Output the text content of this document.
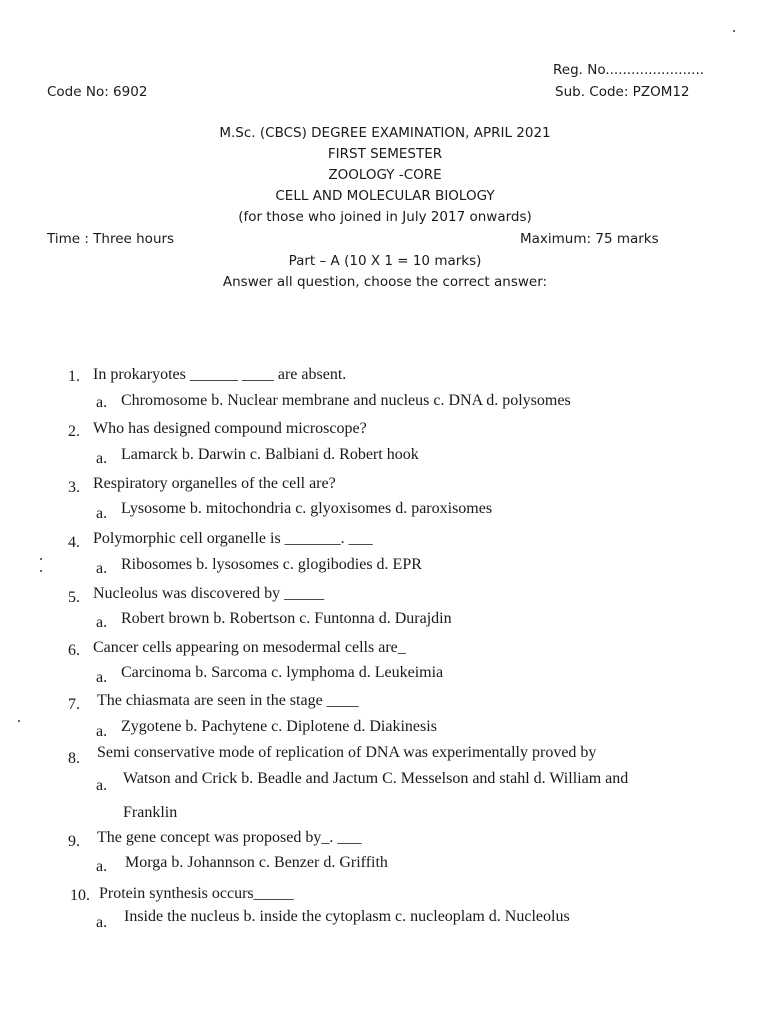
Reg. No.......................
Code No: 6902	Sub. Code: PZOM12
M.Sc. (CBCS) DEGREE EXAMINATION, APRIL 2021
FIRST SEMESTER
ZOOLOGY -CORE
CELL AND MOLECULAR BIOLOGY
(for those who joined in July 2017 onwards)
Time : Three hours	Maximum: 75 marks
Part – A (10 X 1 = 10 marks)
Answer all question, choose the correct answer:
1. In prokaryotes ______ ____ are absent.
a. Chromosome b. Nuclear membrane and nucleus c. DNA d. polysomes
2. Who has designed compound microscope?
a. Lamarck b. Darwin c. Balbiani d. Robert hook
3. Respiratory organelles of the cell are?
a. Lysosome b. mitochondria c. glyoxisomes d. paroxisomes
4. Polymorphic cell organelle is _______. ___
a. Ribosomes b. lysosomes c. glogibodies d. EPR
5. Nucleolus was discovered by _____
a. Robert brown b. Robertson c. Funtonna d. Durajdin
6. Cancer cells appearing on mesodermal cells are_
a. Carcinoma b. Sarcoma c. lymphoma d. Leukeimia
7. The chiasmata are seen in the stage ____
a. Zygotene b. Pachytene c. Diplotene d. Diakinesis
8. Semi conservative mode of replication of DNA was experimentally proved by
a. Watson and Crick b. Beadle and Jactum C. Messelson and stahl d. William and
Franklin
9. The gene concept was proposed by_. ___
a. Morga b. Johannson c. Benzer d. Griffith
10. Protein synthesis occurs_____
a. Inside the nucleus b. inside the cytoplasm c. nucleoplam d. Nucleolus
